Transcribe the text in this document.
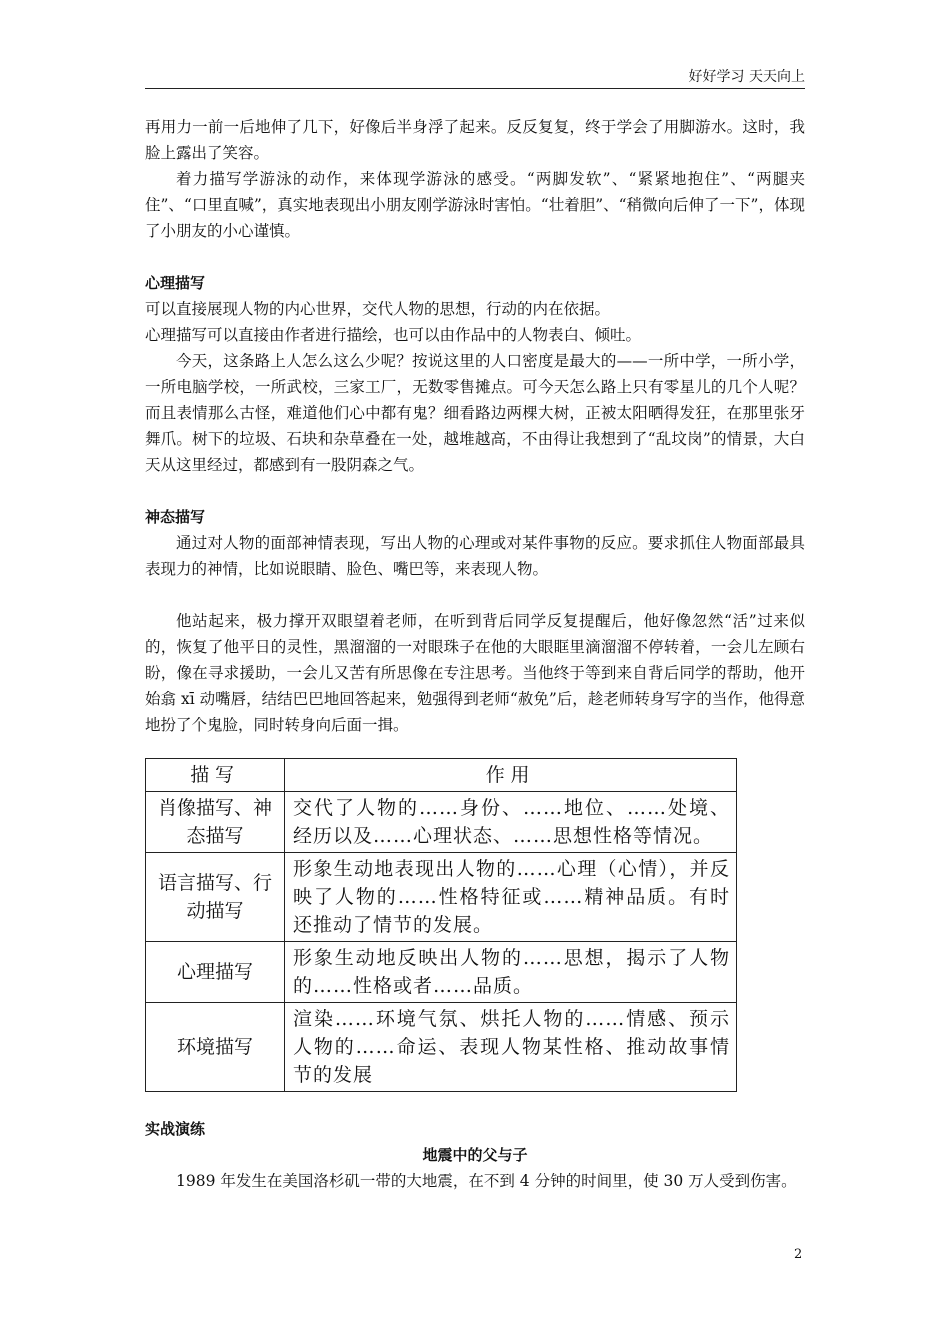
好好学习 天天向上

再用力一前一后地伸了几下，好像后半身浮了起来。反反复复，终于学会了用脚游水。这时，我脸上露出了笑容。

着力描写学游泳的动作，来体现学游泳的感受。“两脚发软”、“紧紧地抱住”、“两腿夹住”、“口里直喊”，真实地表现出小朋友刚学游泳时害怕。“壮着胆”、“稍微向后伸了一下”，体现了小朋友的小心谨慎。

心理描写

可以直接展现人物的内心世界，交代人物的思想，行动的内在依据。

心理描写可以直接由作者进行描绘，也可以由作品中的人物表白、倾吐。

今天，这条路上人怎么这么少呢？按说这里的人口密度是最大的——一所中学，一所小学，一所电脑学校，一所武校，三家工厂，无数零售摊点。可今天怎么路上只有零星儿的几个人呢？而且表情那么古怪，难道他们心中都有鬼？细看路边两棵大树，正被太阳晒得发狂，在那里张牙舞爪。树下的垃圾、石块和杂草叠在一处，越堆越高，不由得让我想到了“乱坟岗”的情景，大白天从这里经过，都感到有一股阴森之气。

神态描写

通过对人物的面部神情表现，写出人物的心理或对某件事物的反应。要求抓住人物面部最具表现力的神情，比如说眼睛、脸色、嘴巴等，来表现人物。

他站起来，极力撑开双眼望着老师，在听到背后同学反复提醒后，他好像忽然“活”过来似的，恢复了他平日的灵性，黑溜溜的一对眼珠子在他的大眼眶里滴溜溜不停转着，一会儿左顾右盼，像在寻求援助，一会儿又苦有所思像在专注思考。当他终于等到来自背后同学的帮助，他开始翕 xī 动嘴唇，结结巴巴地回答起来，勉强得到老师“赦免”后，趁老师转身写字的当作，他得意地扮了个鬼脸，同时转身向后面一揖。

描写	作用
肖像描写、神态描写	交代了人物的……身份、……地位、……处境、经历以及……心理状态、……思想性格等情况。
语言描写、行动描写	形象生动地表现出人物的……心理（心情），并反映了人物的……性格特征或……精神品质。有时还推动了情节的发展。
心理描写	形象生动地反映出人物的……思想，揭示了人物的……性格或者……品质。
环境描写	渲染……环境气氛、烘托人物的……情感、预示人物的……命运、表现人物某性格、推动故事情节的发展

实战演练

地震中的父与子

1989 年发生在美国洛杉矶一带的大地震，在不到 4 分钟的时间里，使 30 万人受到伤害。

2
